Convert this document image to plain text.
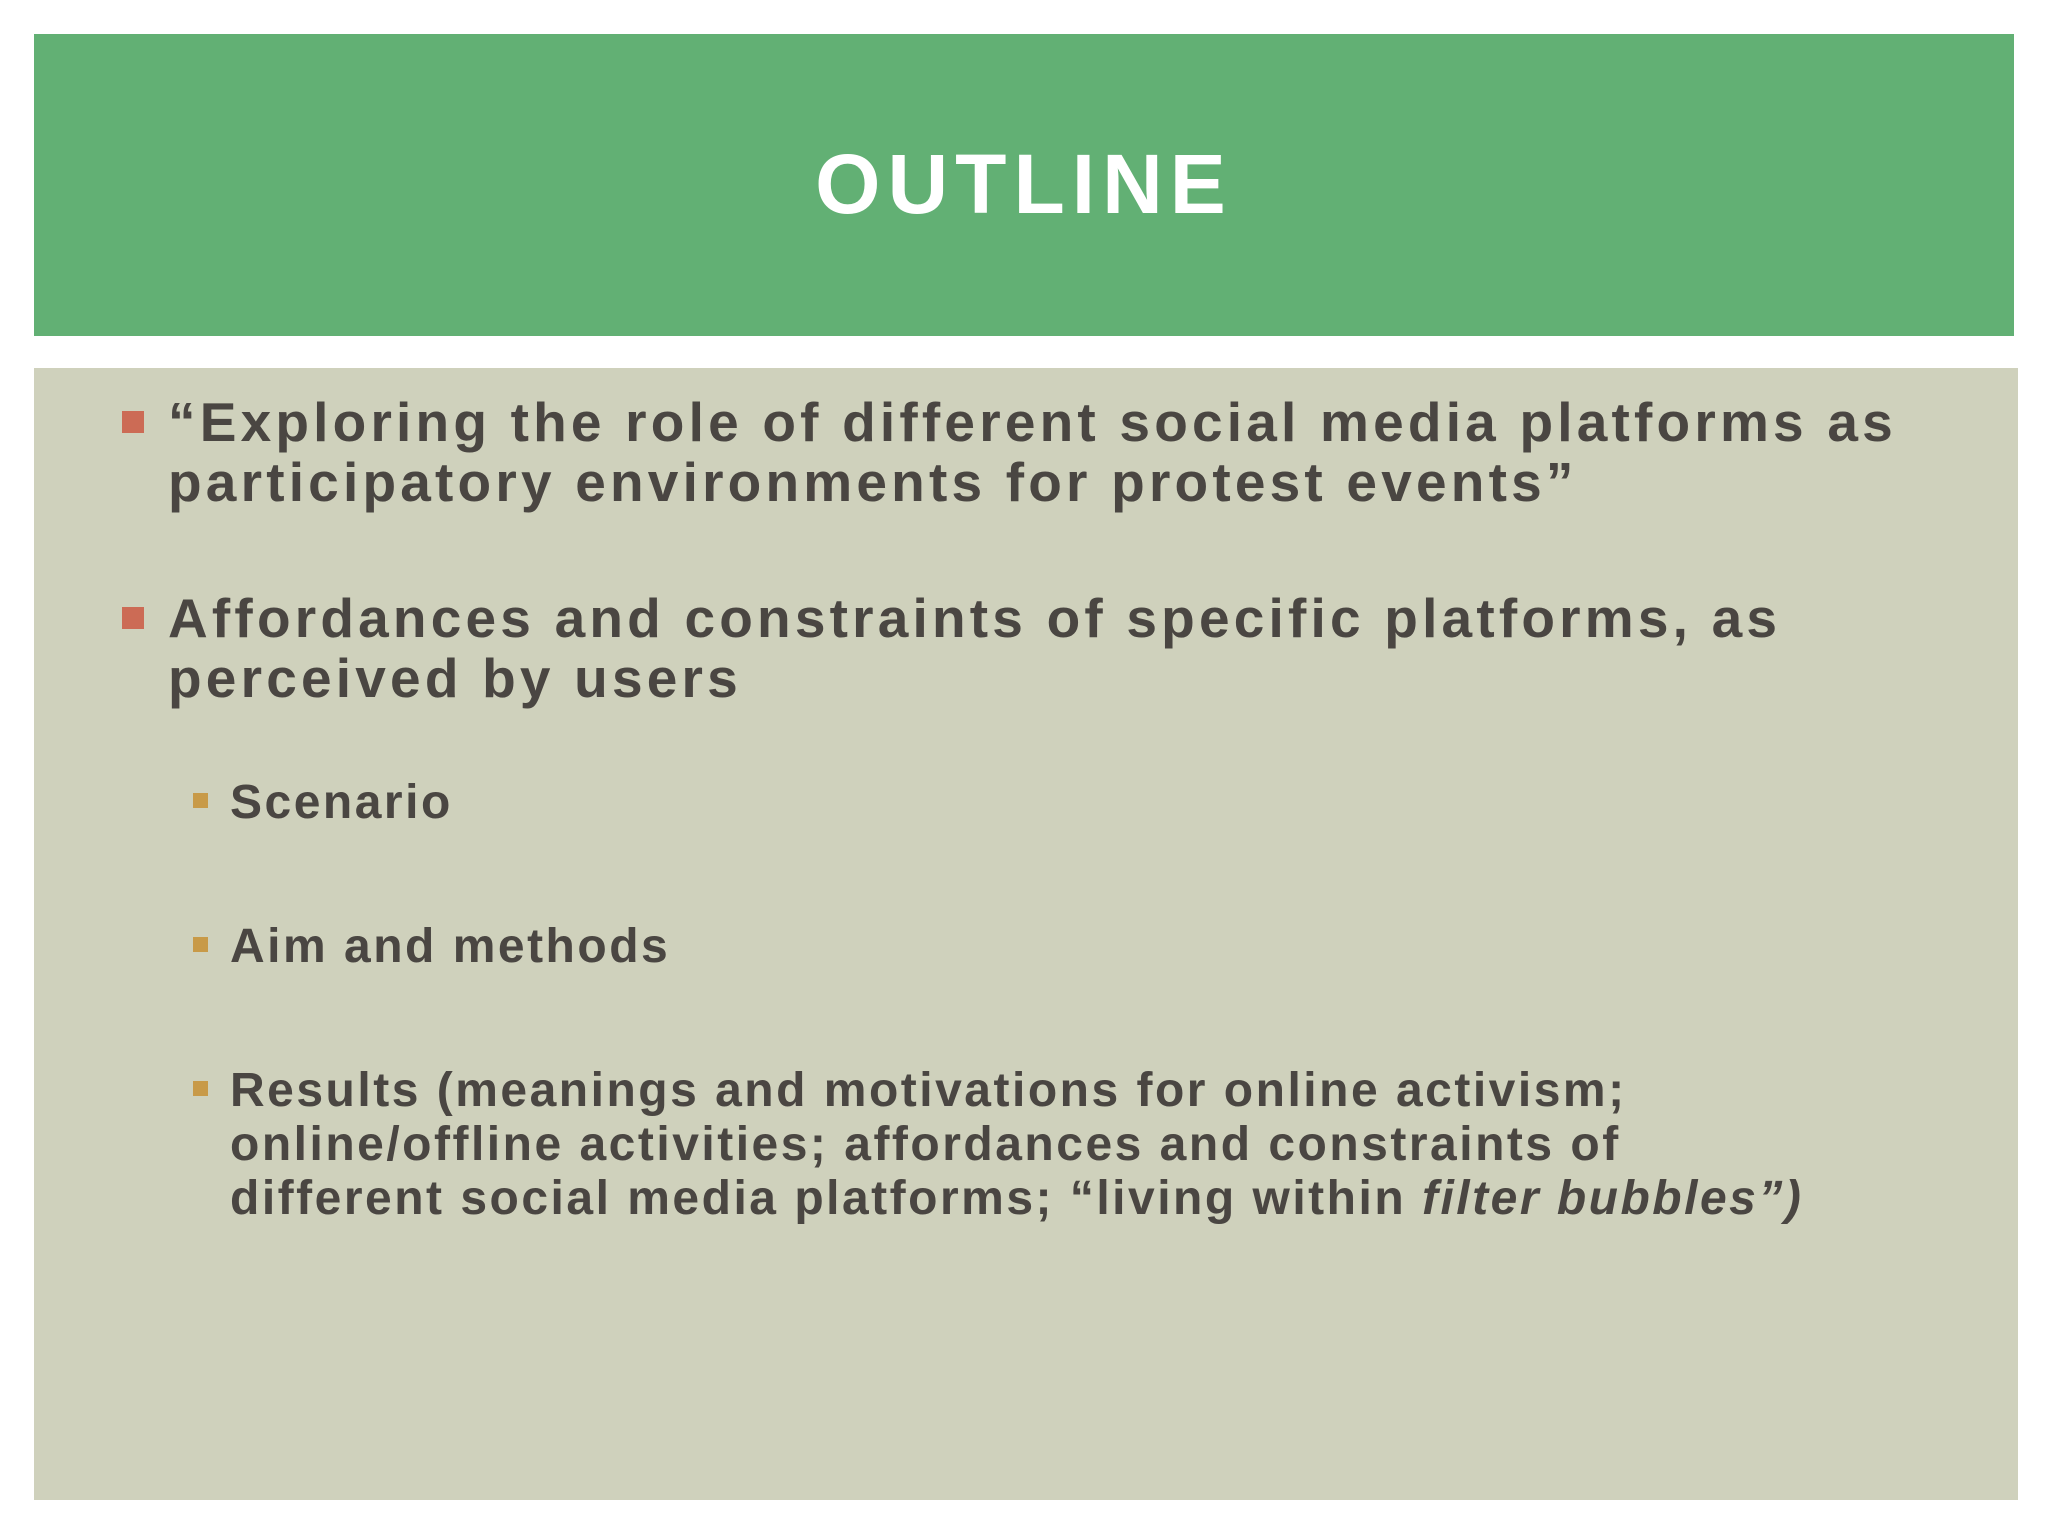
OUTLINE
“Exploring the role of different social media platforms as participatory environments for protest events”
Affordances and constraints of specific platforms, as perceived by users
Scenario
Aim and methods
Results (meanings and motivations for online activism; online/offline activities; affordances and constraints of different social media platforms; “living within filter bubbles”)
